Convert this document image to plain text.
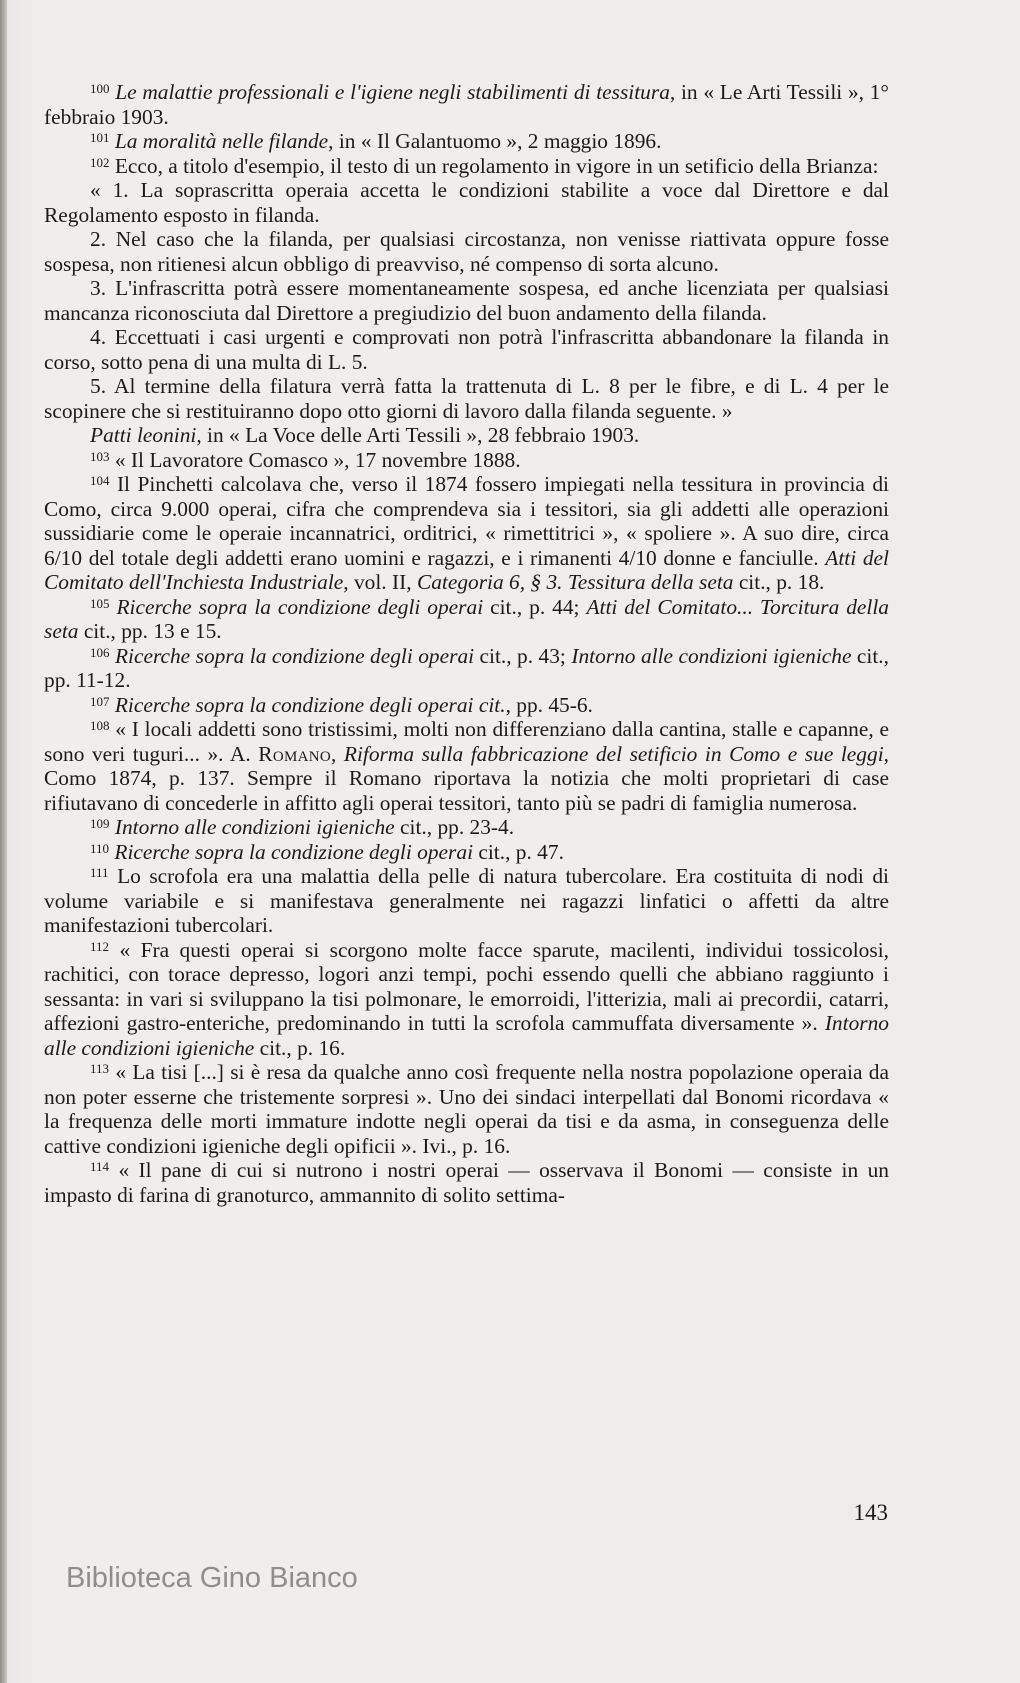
$^{100}$ Le malattie professionali e l'igiene negli stabilimenti di tessitura, in « Le Arti Tessili », 1° febbraio 1903.

$^{101}$ La moralità nelle filande, in « Il Galantuomo », 2 maggio 1896.

$^{102}$ Ecco, a titolo d'esempio, il testo di un regolamento in vigore in un setificio della Brianza:

« 1. La soprascritta operaia accetta le condizioni stabilite a voce dal Direttore e dal Regolamento esposto in filanda.

2. Nel caso che la filanda, per qualsiasi circostanza, non venisse riattivata oppure fosse sospesa, non ritienesi alcun obbligo di preavviso, né compenso di sorta alcuno.

3. L'infrascritta potrà essere momentaneamente sospesa, ed anche licenziata per qualsiasi mancanza riconosciuta dal Direttore a pregiudizio del buon andamento della filanda.

4. Eccettuati i casi urgenti e comprovati non potrà l'infrascritta abbandonare la filanda in corso, sotto pena di una multa di L. 5.

5. Al termine della filatura verrà fatta la trattenuta di L. 8 per le fibre, e di L. 4 per le scopinere che si restituiranno dopo otto giorni di lavoro dalla filanda seguente. »

Patti leonini, in « La Voce delle Arti Tessili », 28 febbraio 1903.

$^{103}$ « Il Lavoratore Comasco », 17 novembre 1888.

$^{104}$ Il Pinchetti calcolava che, verso il 1874 fossero impiegati nella tessitura in provincia di Como, circa 9.000 operai, cifra che comprendeva sia i tessitori, sia gli addetti alle operazioni sussidiarie come le operaie incannatrici, orditrici, « rimettitrici », « spoliere ». A suo dire, circa 6/10 del totale degli addetti erano uomini e ragazzi, e i rimanenti 4/10 donne e fanciulle. Atti del Comitato dell'Inchiesta Industriale, vol. II, Categoria 6, § 3. Tessitura della seta cit., p. 18.

$^{105}$ Ricerche sopra la condizione degli operai cit., p. 44; Atti del Comitato... Torcitura della seta cit., pp. 13 e 15.

$^{106}$ Ricerche sopra la condizione degli operai cit., p. 43; Intorno alle condizioni igieniche cit., pp. 11-12.

$^{107}$ Ricerche sopra la condizione degli operai cit., pp. 45-6.

$^{108}$ « I locali addetti sono tristissimi, molti non differenziano dalla cantina, stalle e capanne, e sono veri tuguri... ». A. Romano, Riforma sulla fabbricazione del setificio in Como e sue leggi, Como 1874, p. 137. Sempre il Romano riportava la notizia che molti proprietari di case rifiutavano di concederle in affitto agli operai tessitori, tanto più se padri di famiglia numerosa.

$^{109}$ Intorno alle condizioni igieniche cit., pp. 23-4.

$^{110}$ Ricerche sopra la condizione degli operai cit., p. 47.

$^{111}$ Lo scrofola era una malattia della pelle di natura tubercolare. Era costituita di nodi di volume variabile e si manifestava generalmente nei ragazzi linfatici o affetti da altre manifestazioni tubercolari.

$^{112}$ « Fra questi operai si scorgono molte facce sparute, macilenti, individui tossicolosi, rachitici, con torace depresso, logori anzi tempi, pochi essendo quelli che abbiano raggiunto i sessanta: in vari si sviluppano la tisi polmonare, le emorroidi, l'itterizia, mali ai precordii, catarri, affezioni gastro-enteriche, predominando in tutti la scrofola cammuffata diversamente ». Intorno alle condizioni igieniche cit., p. 16.

$^{113}$ « La tisi [...] si è resa da qualche anno così frequente nella nostra popolazione operaia da non poter esserne che tristemente sorpresi ». Uno dei sindaci interpellati dal Bonomi ricordava « la frequenza delle morti immature indotte negli operai da tisi e da asma, in conseguenza delle cattive condizioni igieniche degli opificii ». Ivi., p. 16.

$^{114}$ « Il pane di cui si nutrono i nostri operai — osservava il Bonomi — consiste in un impasto di farina di granoturco, ammannito di solito settima-

143
Biblioteca Gino Bianco
